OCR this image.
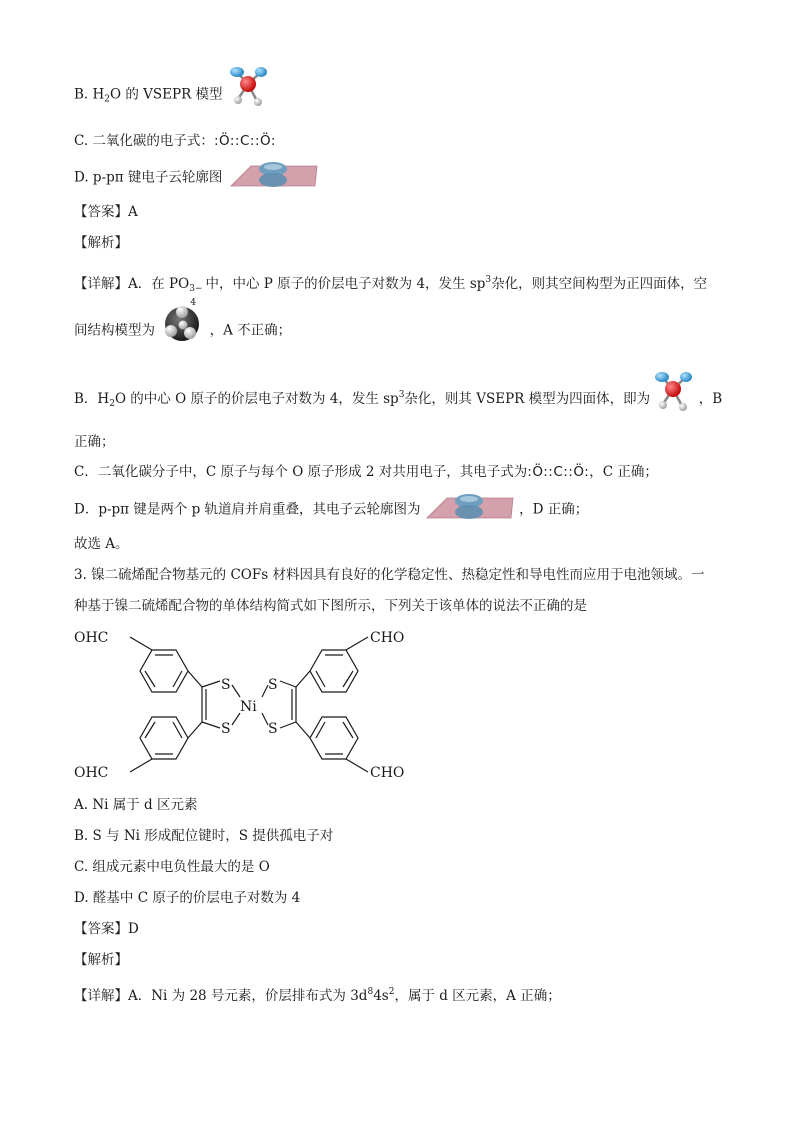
B. $H_2O$ 的 VSEPR 模型
C. 二氧化碳的电子式：:Ö::C::Ö:
D. p-pπ 键电子云轮廓图
【答案】A
【解析】
【详解】A．在 PO 3−
4
中，中心 P 原子的价层电子对数为 4，发生 $sp^3$杂化，则其空间构型为正四面体，空
间结构模型为	，A 不正确；
B．$H_2O$ 的中心 O 原子的价层电子对数为 4，发生 $sp^3$杂化，则其 VSEPR 模型为四面体，即为	，B
正确；
C．二氧化碳分子中，C 原子与每个 O 原子形成 2 对共用电子，其电子式为:Ö::C::Ö:，C 正确；
D．p-pπ 键是两个 p 轨道肩并肩重叠，其电子云轮廓图为	，D 正确；
故选 A。
3. 镍二硫烯配合物基元的 COFs 材料因具有良好的化学稳定性、热稳定性和导电性而应用于电池领域。一
种基于镍二硫烯配合物的单体结构简式如下图所示，下列关于该单体的说法不正确的是
OHC
OHC
CHO
CHO
S
S
S
S
Ni
A. Ni 属于 d 区元素
B. S 与 Ni 形成配位键时，S 提供孤电子对
C. 组成元素中电负性最大的是 O
D. 醛基中 C 原子的价层电子对数为 4
【答案】D
【解析】
【详解】A．Ni 为 28 号元素，价层排布式为 $3d^84s^2$，属于 d 区元素，A 正确；
